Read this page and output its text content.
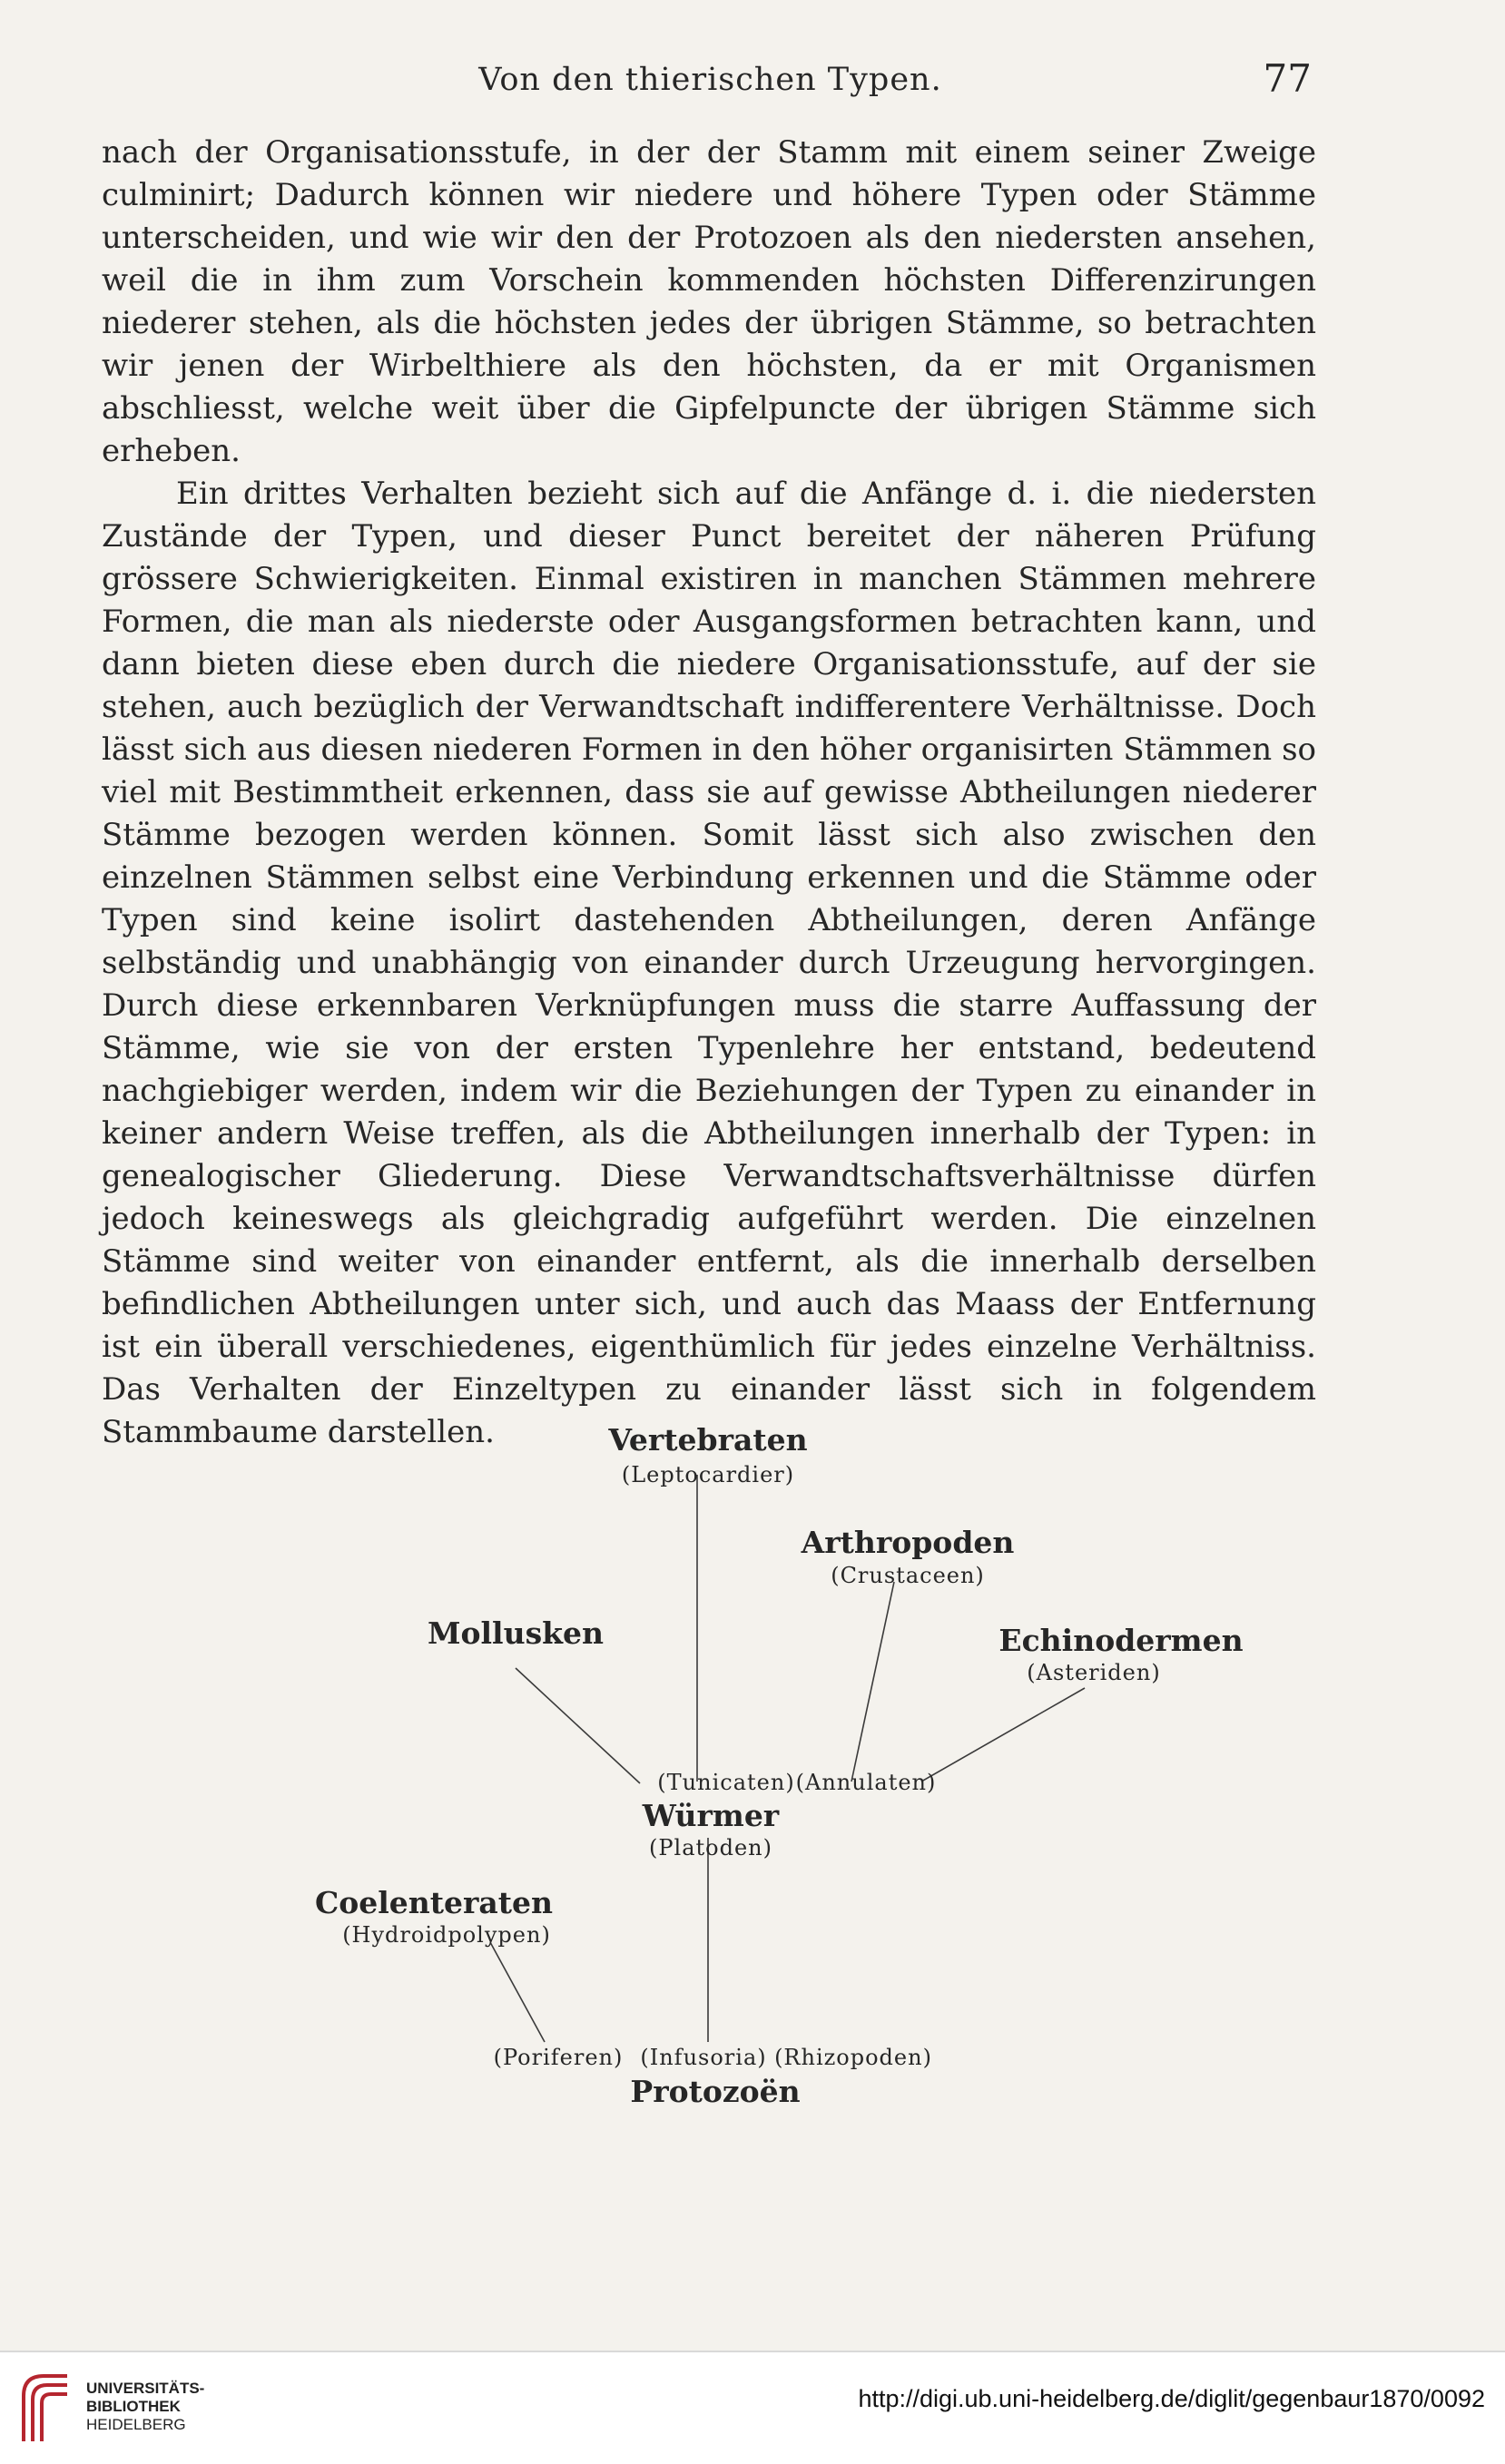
Von den thierischen Typen.	77

nach der Organisationsstufe, in der der Stamm mit einem seiner Zweige culminirt; Dadurch können wir niedere und höhere Typen oder Stämme unterscheiden, und wie wir den der Protozoen als den niedersten ansehen, weil die in ihm zum Vorschein kommenden höchsten Differenzirungen niederer stehen, als die höchsten jedes der übrigen Stämme, so betrachten wir jenen der Wirbelthiere als den höchsten, da er mit Organismen abschliesst, welche weit über die Gipfelpuncte der übrigen Stämme sich erheben.

Ein drittes Verhalten bezieht sich auf die Anfänge d. i. die niedersten Zustände der Typen, und dieser Punct bereitet der näheren Prüfung grössere Schwierigkeiten. Einmal existiren in manchen Stämmen mehrere Formen, die man als niederste oder Ausgangsformen betrachten kann, und dann bieten diese eben durch die niedere Organisationsstufe, auf der sie stehen, auch bezüglich der Verwandtschaft indifferentere Verhältnisse. Doch lässt sich aus diesen niederen Formen in den höher organisirten Stämmen so viel mit Bestimmtheit erkennen, dass sie auf gewisse Abtheilungen niederer Stämme bezogen werden können. Somit lässt sich also zwischen den einzelnen Stämmen selbst eine Verbindung erkennen und die Stämme oder Typen sind keine isolirt dastehenden Abtheilungen, deren Anfänge selbständig und unabhängig von einander durch Urzeugung hervorgingen. Durch diese erkennbaren Verknüpfungen muss die starre Auffassung der Stämme, wie sie von der ersten Typenlehre her entstand, bedeutend nachgiebiger werden, indem wir die Beziehungen der Typen zu einander in keiner andern Weise treffen, als die Abtheilungen innerhalb der Typen: in genealogischer Gliederung. Diese Verwandtschaftsverhältnisse dürfen jedoch keineswegs als gleichgradig aufgeführt werden. Die einzelnen Stämme sind weiter von einander entfernt, als die innerhalb derselben befindlichen Abtheilungen unter sich, und auch das Maass der Entfernung ist ein überall verschiedenes, eigenthümlich für jedes einzelne Verhältniss. Das Verhalten der Einzeltypen zu einander lässt sich in folgendem Stammbaume darstellen.	Vertebraten
(Leptocardier)
Arthropoden
(Crustaceen)
Mollusken	Echinodermen
(Asteriden)
(Tunicaten) (Annulaten)
Würmer
(Platoden)
Coelenteraten
(Hydroidpolypen)
(Poriferen) (Infusoria) (Rhizopoden)
Protozoën
UNIVERSITÄTS-
BIBLIOTHEK
HEIDELBERG
http://digi.ub.uni-heidelberg.de/diglit/gegenbaur1870/0092
